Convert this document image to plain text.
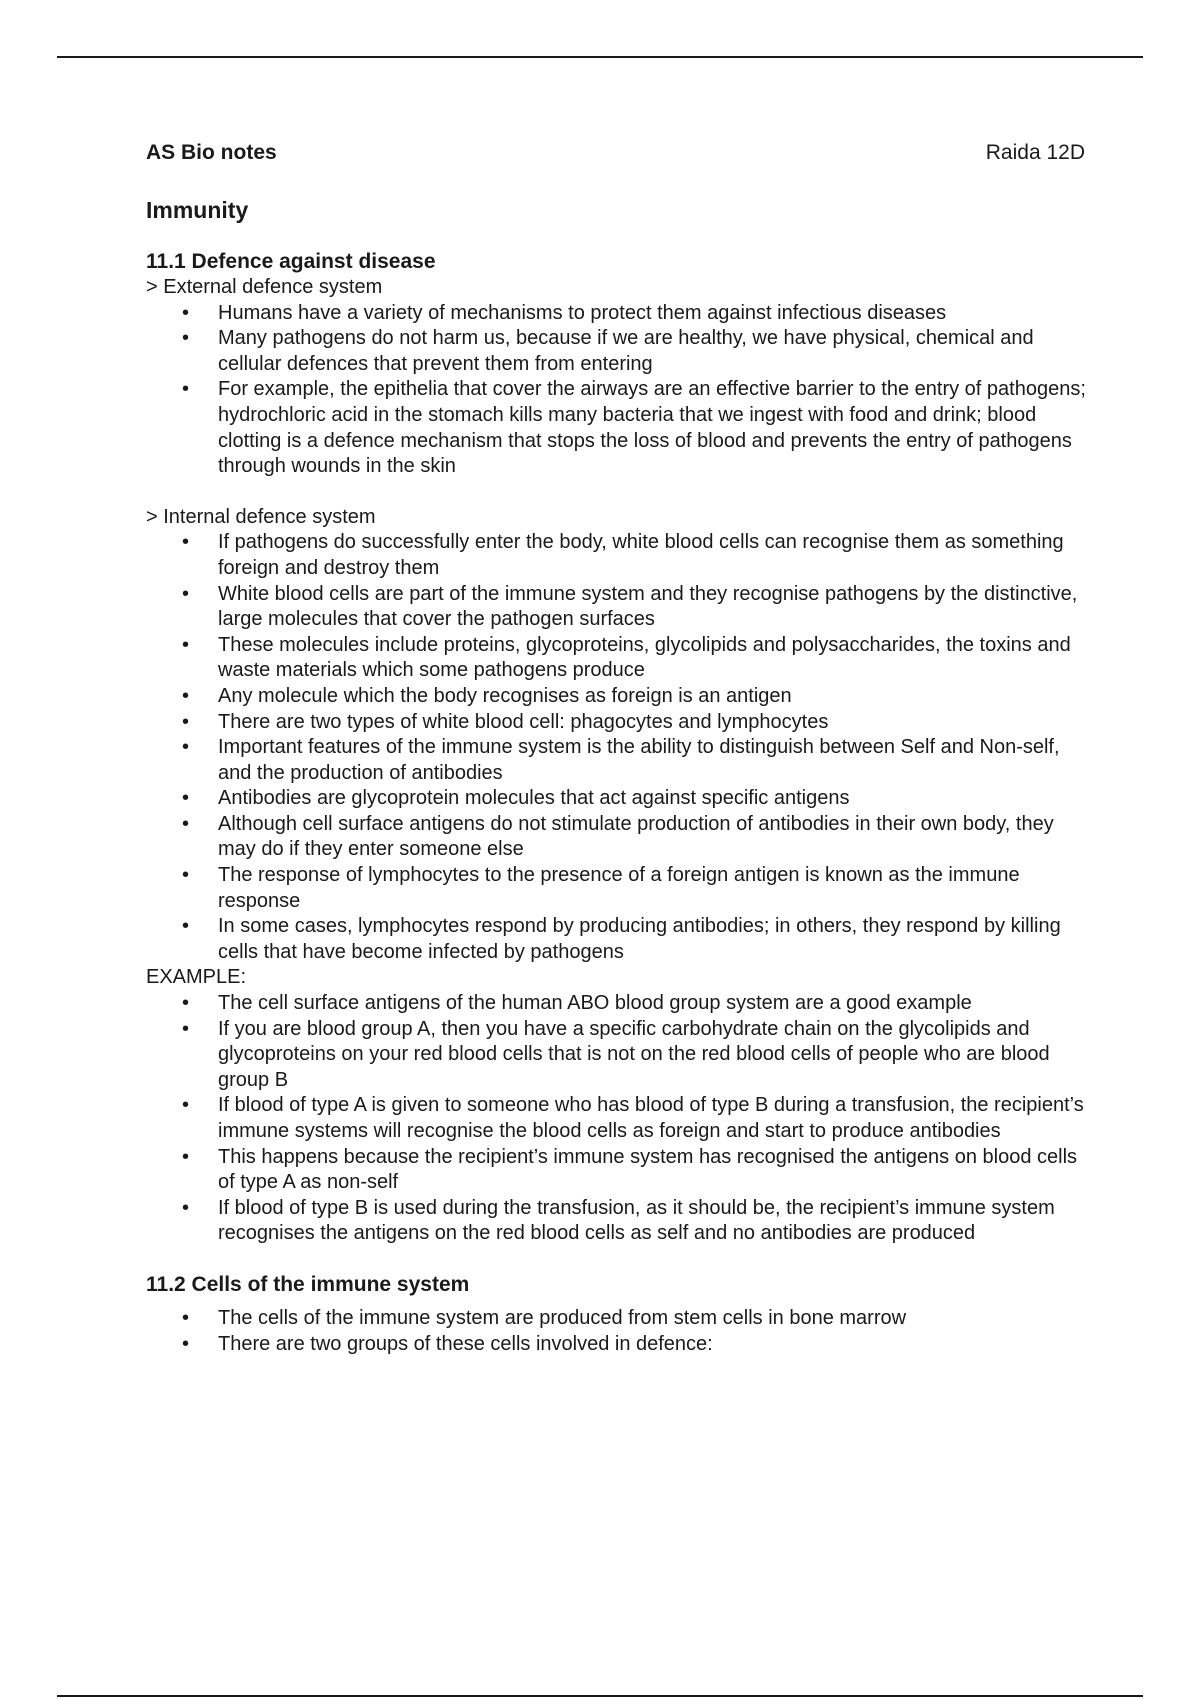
AS Bio notes	Raida 12D
Immunity
11.1 Defence against disease

> External defence system

• Humans have a variety of mechanisms to protect them against infectious diseases
• Many pathogens do not harm us, because if we are healthy, we have physical, chemical and cellular defences that prevent them from entering
• For example, the epithelia that cover the airways are an effective barrier to the entry of pathogens; hydrochloric acid in the stomach kills many bacteria that we ingest with food and drink; blood clotting is a defence mechanism that stops the loss of blood and prevents the entry of pathogens through wounds in the skin

> Internal defence system

• If pathogens do successfully enter the body, white blood cells can recognise them as something foreign and destroy them
• White blood cells are part of the immune system and they recognise pathogens by the distinctive, large molecules that cover the pathogen surfaces
• These molecules include proteins, glycoproteins, glycolipids and polysaccharides, the toxins and waste materials which some pathogens produce
• Any molecule which the body recognises as foreign is an antigen
• There are two types of white blood cell: phagocytes and lymphocytes
• Important features of the immune system is the ability to distinguish between Self and Non-self, and the production of antibodies
• Antibodies are glycoprotein molecules that act against specific antigens
• Although cell surface antigens do not stimulate production of antibodies in their own body, they may do if they enter someone else
• The response of lymphocytes to the presence of a foreign antigen is known as the immune response
• In some cases, lymphocytes respond by producing antibodies; in others, they respond by killing cells that have become infected by pathogens

EXAMPLE:

• The cell surface antigens of the human ABO blood group system are a good example
• If you are blood group A, then you have a specific carbohydrate chain on the glycolipids and glycoproteins on your red blood cells that is not on the red blood cells of people who are blood group B
• If blood of type A is given to someone who has blood of type B during a transfusion, the recipient’s immune systems will recognise the blood cells as foreign and start to produce antibodies
• This happens because the recipient’s immune system has recognised the antigens on blood cells of type A as non-self
• If blood of type B is used during the transfusion, as it should be, the recipient’s immune system recognises the antigens on the red blood cells as self and no antibodies are produced
11.2 Cells of the immune system
• The cells of the immune system are produced from stem cells in bone marrow
• There are two groups of these cells involved in defence:
